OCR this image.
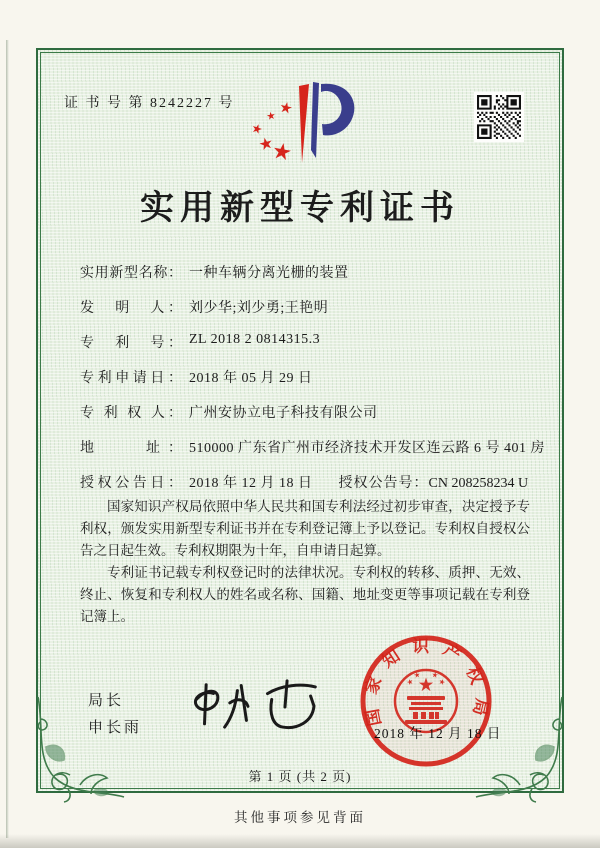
证 书 号 第 8242227 号
实用新型专利证书
实用新型名称： 一种车辆分离光栅的装置
发　明　人： 刘少华;刘少勇;王艳明
专　利　号： ZL 2018 2 0814315.3
专利申请日： 2018 年 05 月 29 日
专 利 权 人： 广州安协立电子科技有限公司
地　　址： 510000 广东省广州市经济技术开发区连云路 6 号 401 房
授权公告日： 2018 年 12 月 18 日 授权公告号：CN 208258234 U

国家知识产权局依照中华人民共和国专利法经过初步审查，决定授予专利权，颁发实用新型专利证书并在专利登记簿上予以登记。专利权自授权公告之日起生效。专利权期限为十年，自申请日起算。

专利证书记载专利权登记时的法律状况。专利权的转移、质押、无效、终止、恢复和专利权人的姓名或名称、国籍、地址变更等事项记载在专利登记簿上。

局长
申长雨
国家知识产权局
2018 年 12 月 18 日
第 1 页 (共 2 页)
其他事项参见背面
